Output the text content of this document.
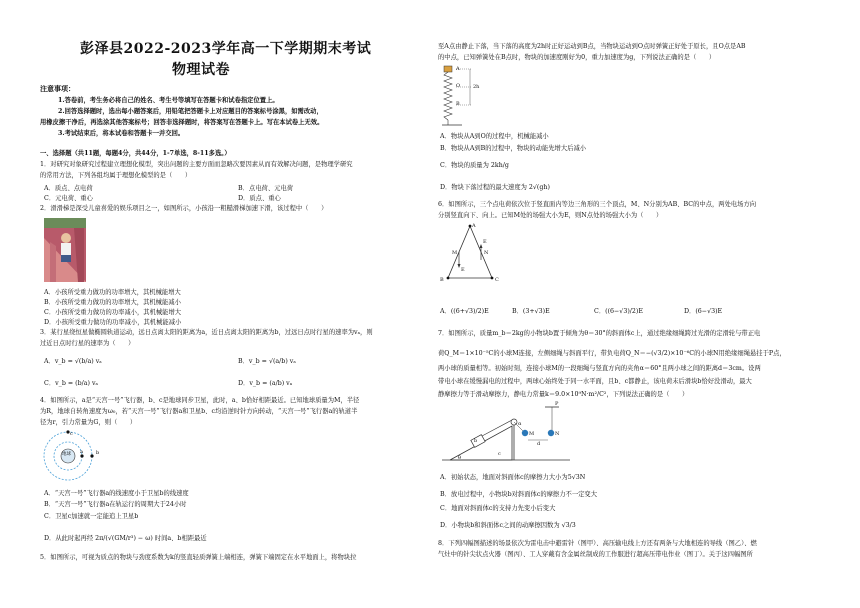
彭泽县2022-2023学年高一下学期期末考试
物理试卷
注意事项：
1.答卷前，考生务必将自己的姓名、考生号等填写在答题卡和试卷指定位置上。
2.回答选择题时，选出每小题答案后，用铅笔把答题卡上对应题目的答案标号涂黑，如需改动，
用橡皮擦干净后，再选涂其他答案标号；回答非选择题时，将答案写在答题卡上。写在本试卷上无效。
3.考试结束后，将本试卷和答题卡一并交回。
一、选择题（共11题，每题4分，共44分，1-7单选，8-11多选。）
1．对研究对象研究过程建立理想化模型，突出问题的主要方面而忽略次要因素从而有效解决问题，是物理学研究
的常用方法，下列各组均属于理想化模型的是（　　）
A．质点、点电荷	B．点电荷、元电荷
C．元电荷、重心	D．质点、重心
2．滑滑梯是深受儿童喜爱的娱乐项目之一，如图所示，小孩沿一粗糙滑梯加速下滑，该过程中（　　）
A．小孩所受重力做功的功率增大，其机械能增大
B．小孩所受重力做功的功率增大，其机械能减小
C．小孩所受重力做功的功率减小，其机械能增大
D．小孩所受重力做功的功率减小，其机械能减小
3．某行星绕恒星做椭圆轨道运动，远日点离太阳的距离为a，近日点离太阳的距离为b，过远日点时行星的速率为vₐ，则
过近日点时行星的速率为（　　）
A．v_b = √(b/a) vₐ	B．v_b = √(a/b) vₐ
C．v_b = (b/a) vₐ	D．v_b = (a/b) vₐ
4．如图所示，a是“天宫一号”飞行器，b、c是地球同步卫星，此时，a、b恰好相距最近。已知地球质量为M，半径
为R，地球自转角速度为ω₀，若“天宫一号”飞行器a和卫星b、c均沿逆时针方向转动，“天宫一号”飞行器a的轨道半
径为r，引力常量为G，则（　　）
b
a
c
地球
A．“天宫一号”飞行器a的线速度小于卫星b的线速度
B．“天宫一号”飞行器a在轨运行的周期大于24小时
C．卫星c加速就一定能追上卫星b
D．从此时起再经 2π/(√(GM/r³) − ω) 时间a、b相距最近
5．如图所示，可视为质点的物块与劲度系数为k的竖直轻质弹簧上端相连，弹簧下端固定在水平地面上，将物块拉
至A点由静止下落，当下落的高度为2h时正好运动到B点，当物块运动到O点时弹簧正好处于原长，且O点是AB
的中点，已知弹簧处在B点时，物块的加速度刚好为0，重力加速度为g，下列说法正确的是（　　）
A
O
B
2h
A．物块从A到O的过程中，机械能减小
B．物块从A到B的过程中，物块的动能先增大后减小
C．物块的质量为 2kh/g
D．物块下落过程的最大速度为 2√(gh)
6．如图所示，三个点电荷依次位于竖直面内等边三角形的三个顶点，M、N分别为AB、BC的中点，两处电场方向
分别竖直向下、向上。已知M处的场强大小为E，则N点处的场强大小为（　　）
A
B	C
M	N
E
E
A．((6+√3)/2)E	B．(3+√3)E	C．((6−√3)/2)E	D．(6−√3)E
7．如图所示，质量m_b＝2kg的小物块b置于倾角为θ＝30°的斜面体c上，通过绝缘细绳跨过光滑的定滑轮与带正电
荷Q_M＝1×10⁻⁵C的小球M连接，左侧细绳与斜面平行，带负电荷Q_N＝−(√3/2)×10⁻⁶C的小球N用绝缘细绳悬挂于P点，
两小球的质量相等。初始时刻，连接小球M的一段细绳与竖直方向的夹角α＝60°且两小球之间的距离d＝3cm。设两
带电小球在缓慢漏电的过程中，两球心始终处于同一水平面，且b、c都静止，该电荷未后滑块b恰好没滑动，最大
静摩擦力等于滑动摩擦力，静电力常量k＝9.0×10⁹N·m²/C²，下列说法正确的是（　　）
P
α
M	N
d
b
c
θ
A．初始状态，地面对斜面体c的摩擦力大小为5√3N
B．放电过程中，小物块b对斜面体c的摩擦力不一定变大
C．地面对斜面体c的支持力先变小后变大
D．小物块b和斜面体c之间的动摩擦因数为 √3/3
8．下列四幅图描述的场景依次为雷电击中避雷针（图甲）、高压输电线上方还有两条与大地相连的导线（图乙）、燃
气灶中的针尖状点火器（图丙）、工人穿戴有含金属丝制成的工作服进行超高压带电作业（图丁）。关于这四幅图所
